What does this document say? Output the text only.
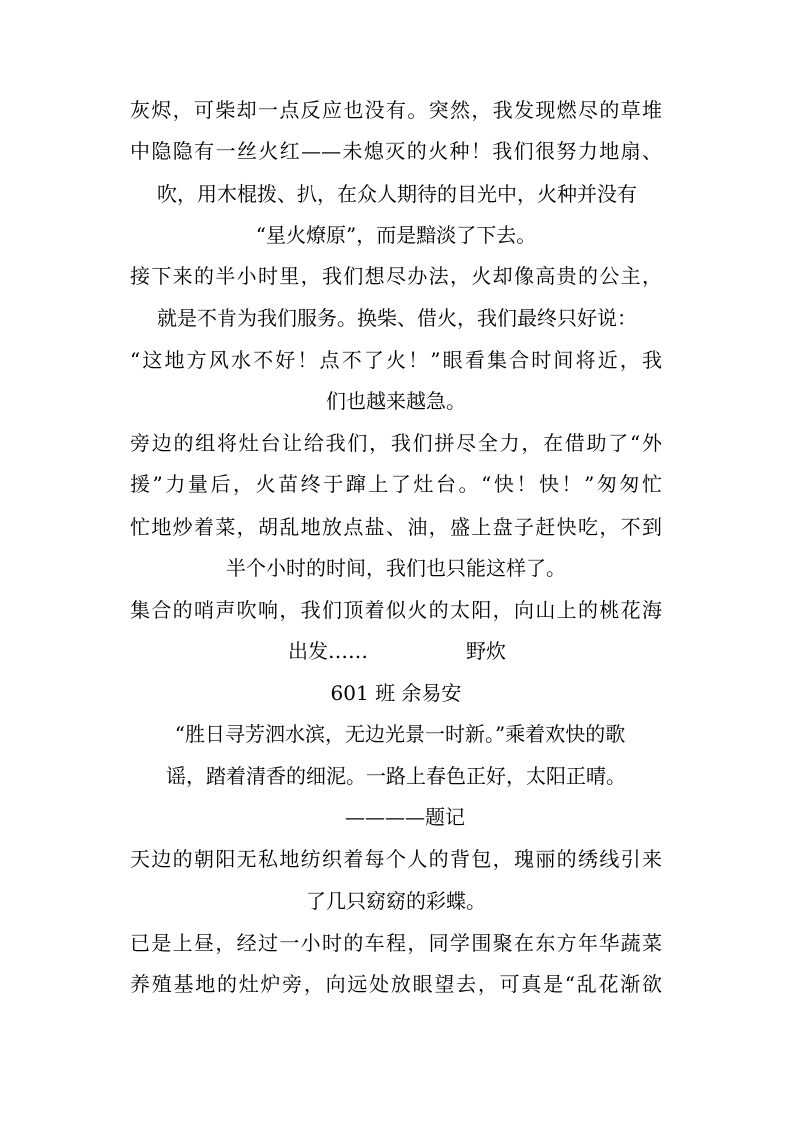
灰烬，可柴却一点反应也没有。突然，我发现燃尽的草堆
中隐隐有一丝火红——未熄灭的火种！我们很努力地扇、
吹，用木棍拨、扒，在众人期待的目光中，火种并没有
“星火燎原”，而是黯淡了下去。
接下来的半小时里，我们想尽办法，火却像高贵的公主，
就是不肯为我们服务。换柴、借火，我们最终只好说：
“这地方风水不好！点不了火！”眼看集合时间将近，我
们也越来越急。
旁边的组将灶台让给我们，我们拼尽全力，在借助了“外
援”力量后，火苗终于蹿上了灶台。“快！快！”匆匆忙
忙地炒着菜，胡乱地放点盐、油，盛上盘子赶快吃，不到
半个小时的时间，我们也只能这样了。
集合的哨声吹响，我们顶着似火的太阳，向山上的桃花海
出发……	野炊
601 班 余易安
“胜日寻芳泗水滨，无边光景一时新。”乘着欢快的歌
谣，踏着清香的细泥。一路上春色正好，太阳正晴。
————题记
天边的朝阳无私地纺织着每个人的背包，瑰丽的绣线引来
了几只窈窈的彩蝶。
已是上昼，经过一小时的车程，同学围聚在东方年华蔬菜
养殖基地的灶炉旁，向远处放眼望去，可真是“乱花渐欲
